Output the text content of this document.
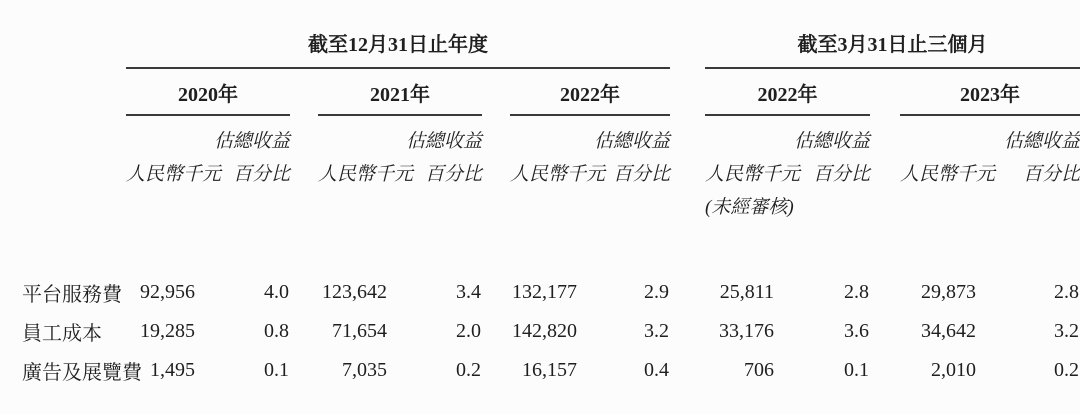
	截至12月31日止年度									截至3月31日止三個月				
	2020年			2021年			2022年			2022年			2023年	
	估總收益			估總收益			估總收益			估總收益			估總收益	

	人民幣千元 百分比			人民幣千元 百分比			人民幣千元 百分比			人民幣千元 百分比			人民幣千元 百分比	

										(未經審核)				

平台服務費	92,956	4.0		123,642	3.4		132,177	2.9		25,811	2.8		29,873	2.8
員工成本	19,285	0.8		71,654	2.0		142,820	3.2		33,176	3.6		34,642	3.2
廣告及展覽費	1,495	0.1		7,035	0.2		16,157	0.4		706	0.1		2,010	0.2
